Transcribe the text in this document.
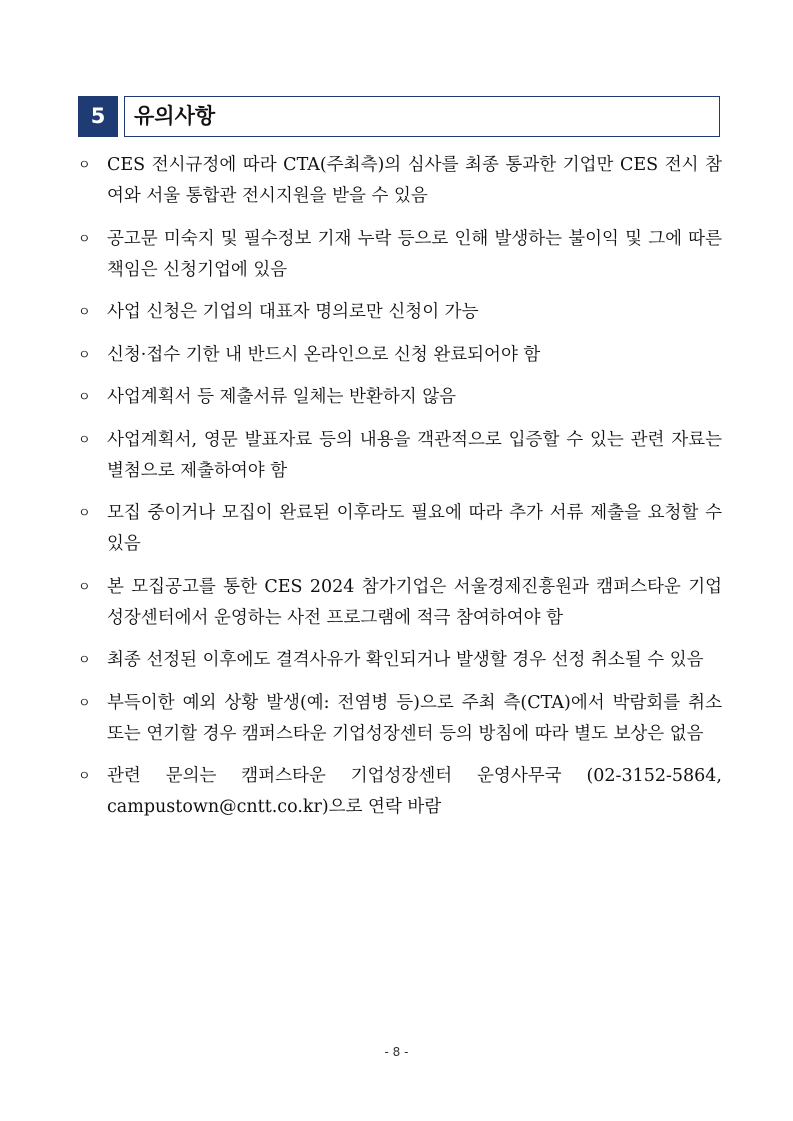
5	유의사항
ㅇ CES 전시규정에 따라 CTA(주최측)의 심사를 최종 통과한 기업만 CES 전시 참여와 서울 통합관 전시지원을 받을 수 있음
ㅇ 공고문 미숙지 및 필수정보 기재 누락 등으로 인해 발생하는 불이익 및 그에 따른 책임은 신청기업에 있음
ㅇ 사업 신청은 기업의 대표자 명의로만 신청이 가능
ㅇ 신청·접수 기한 내 반드시 온라인으로 신청 완료되어야 함
ㅇ 사업계획서 등 제출서류 일체는 반환하지 않음
ㅇ 사업계획서, 영문 발표자료 등의 내용을 객관적으로 입증할 수 있는 관련 자료는 별첨으로 제출하여야 함
ㅇ 모집 중이거나 모집이 완료된 이후라도 필요에 따라 추가 서류 제출을 요청할 수 있음
ㅇ 본 모집공고를 통한 CES 2024 참가기업은 서울경제진흥원과 캠퍼스타운 기업성장센터에서 운영하는 사전 프로그램에 적극 참여하여야 함
ㅇ 최종 선정된 이후에도 결격사유가 확인되거나 발생할 경우 선정 취소될 수 있음
ㅇ 부득이한 예외 상황 발생(예: 전염병 등)으로 주최 측(CTA)에서 박람회를 취소 또는 연기할 경우 캠퍼스타운 기업성장센터 등의 방침에 따라 별도 보상은 없음
ㅇ 관련 문의는 캠퍼스타운 기업성장센터 운영사무국 (02-3152-5864, campustown@cntt.co.kr)으로 연락 바람
- 8 -
